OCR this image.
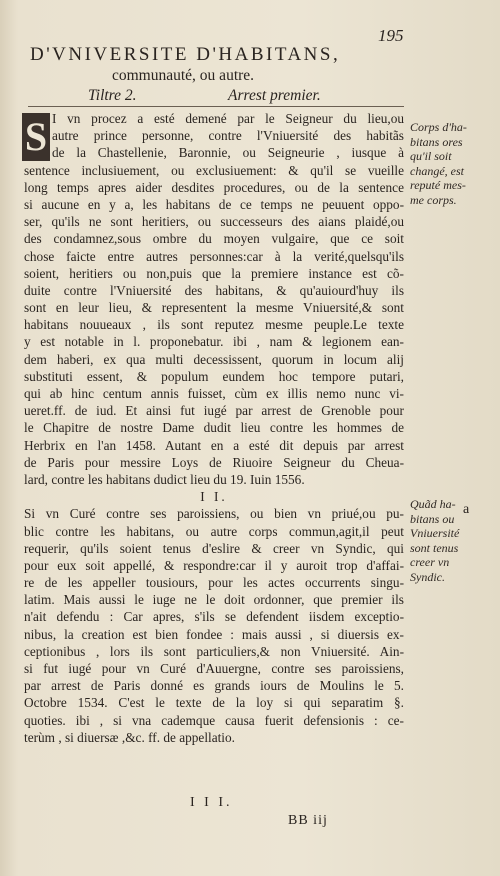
195
D'VNIVERSITE D'HABITANS,
communauté, ou autre.
Tiltre 2.	Arrest premier.
S I vn procez a esté demené par le Seigneur du lieu,ou
autre prince personne, contre l'Vniuersité des habitãs
de la Chastellenie, Baronnie, ou Seigneurie , iusque à
sentence inclusiuement, ou exclusiuement: & qu'il se vueille
long temps apres aider desdites procedures, ou de la sentence
si aucune en y a, les habitans de ce temps ne peuuent oppo-
ser, qu'ils ne sont heritiers, ou successeurs des aians plaidé,ou
des condamnez,sous ombre du moyen vulgaire, que ce soit
chose faicte entre autres personnes:car à la verité,quelsqu'ils
soient, heritiers ou non,puis que la premiere instance est cõ-
duite contre l'Vniuersité des habitans, & qu'auiourd'huy ils
sont en leur lieu, & representent la mesme Vniuersité,& sont
habitans nouueaux , ils sont reputez mesme peuple.Le texte
y est notable in l. proponebatur. ibi , nam & legionem ean-
dem haberi, ex qua multi decessissent, quorum in locum alij
substituti essent, & populum eundem hoc tempore putari,
qui ab hinc centum annis fuisset, cùm ex illis nemo nunc vi-
ueret.ff. de iud. Et ainsi fut iugé par arrest de Grenoble pour
le Chapitre de nostre Dame dudit lieu contre les hommes de
Herbrix en l'an 1458. Autant en a esté dit depuis par arrest
de Paris pour messire Loys de Riuoire Seigneur du Cheua-
lard, contre les habitans dudict lieu du 19. Iuin 1556.
I I.
Si vn Curé contre ses paroissiens, ou bien vn priué,ou pu-
blic contre les habitans, ou autre corps commun,agit,il peut
requerir, qu'ils soient tenus d'eslire & creer vn Syndic, qui
pour eux soit appellé, & respondre:car il y auroit trop d'affai-
re de les appeller tousiours, pour les actes occurrents singu-
latim. Mais aussi le iuge ne le doit ordonner, que premier ils
n'ait defendu : Car apres, s'ils se defendent iisdem exceptio-
nibus, la creation est bien fondee : mais aussi , si diuersis ex-
ceptionibus , lors ils sont particuliers,& non Vniuersité. Ain-
si fut iugé pour vn Curé d'Auuergne, contre ses paroissiens,
par arrest de Paris donné es grands iours de Moulins le 5.
Octobre 1534. C'est le texte de la loy si qui separatim §.
quoties. ibi , si vna cademque causa fuerit defensionis : ce-
terùm , si diuersæ ,&c. ff. de appellatio.
Corps d'ha-
bitans ores
qu'il soit
changé, est
reputé mes-
me corps.
Quãd ha-
bitans ou
Vniuersité
sont tenus
creer vn
Syndic.
a
I I I.
BB iij
